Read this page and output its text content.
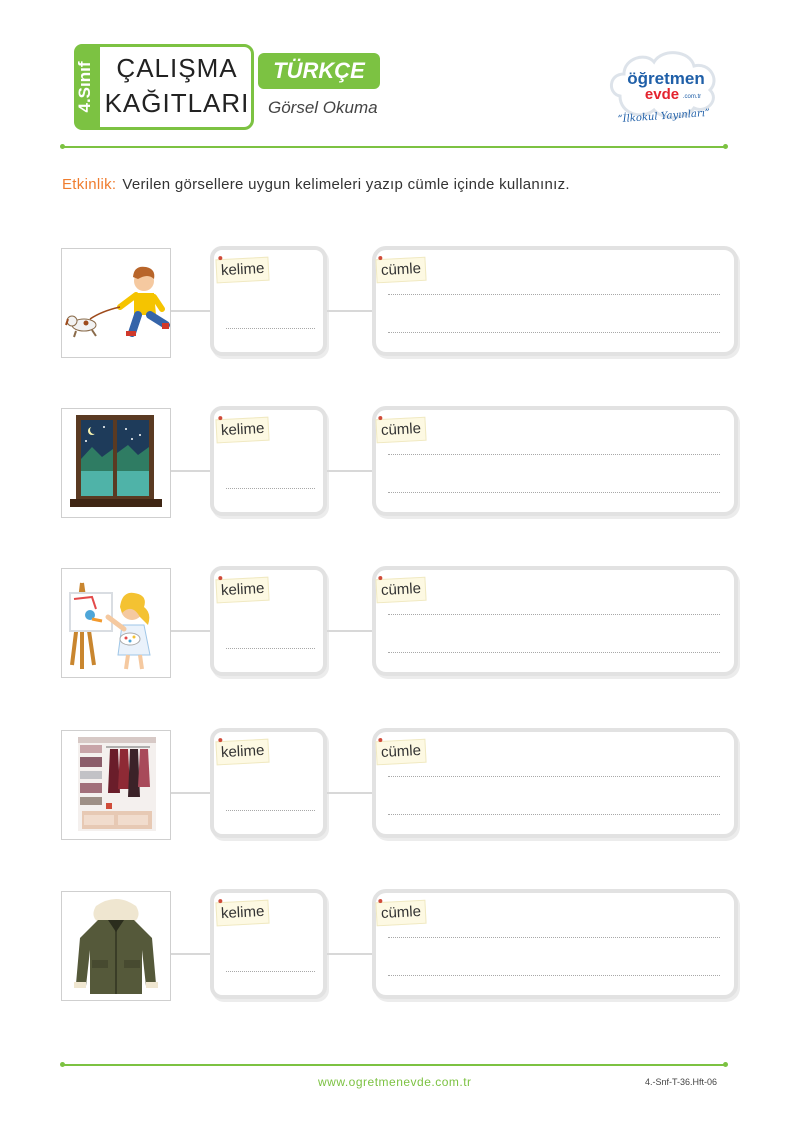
4.Sınıf ÇALIŞMA
KAĞITLARI
TÜRKÇE
Görsel Okuma
öğretmen
evde .com.tr
“İlkokul Yayınları”
Etkinlik: Verilen görsellere uygun kelimeleri yazıp cümle içinde kullanınız.
kelime	cümle
kelime	cümle
kelime	cümle
kelime	cümle
kelime	cümle
www.ogretmenevde.com.tr	4.-Snf-T-36.Hft-06
